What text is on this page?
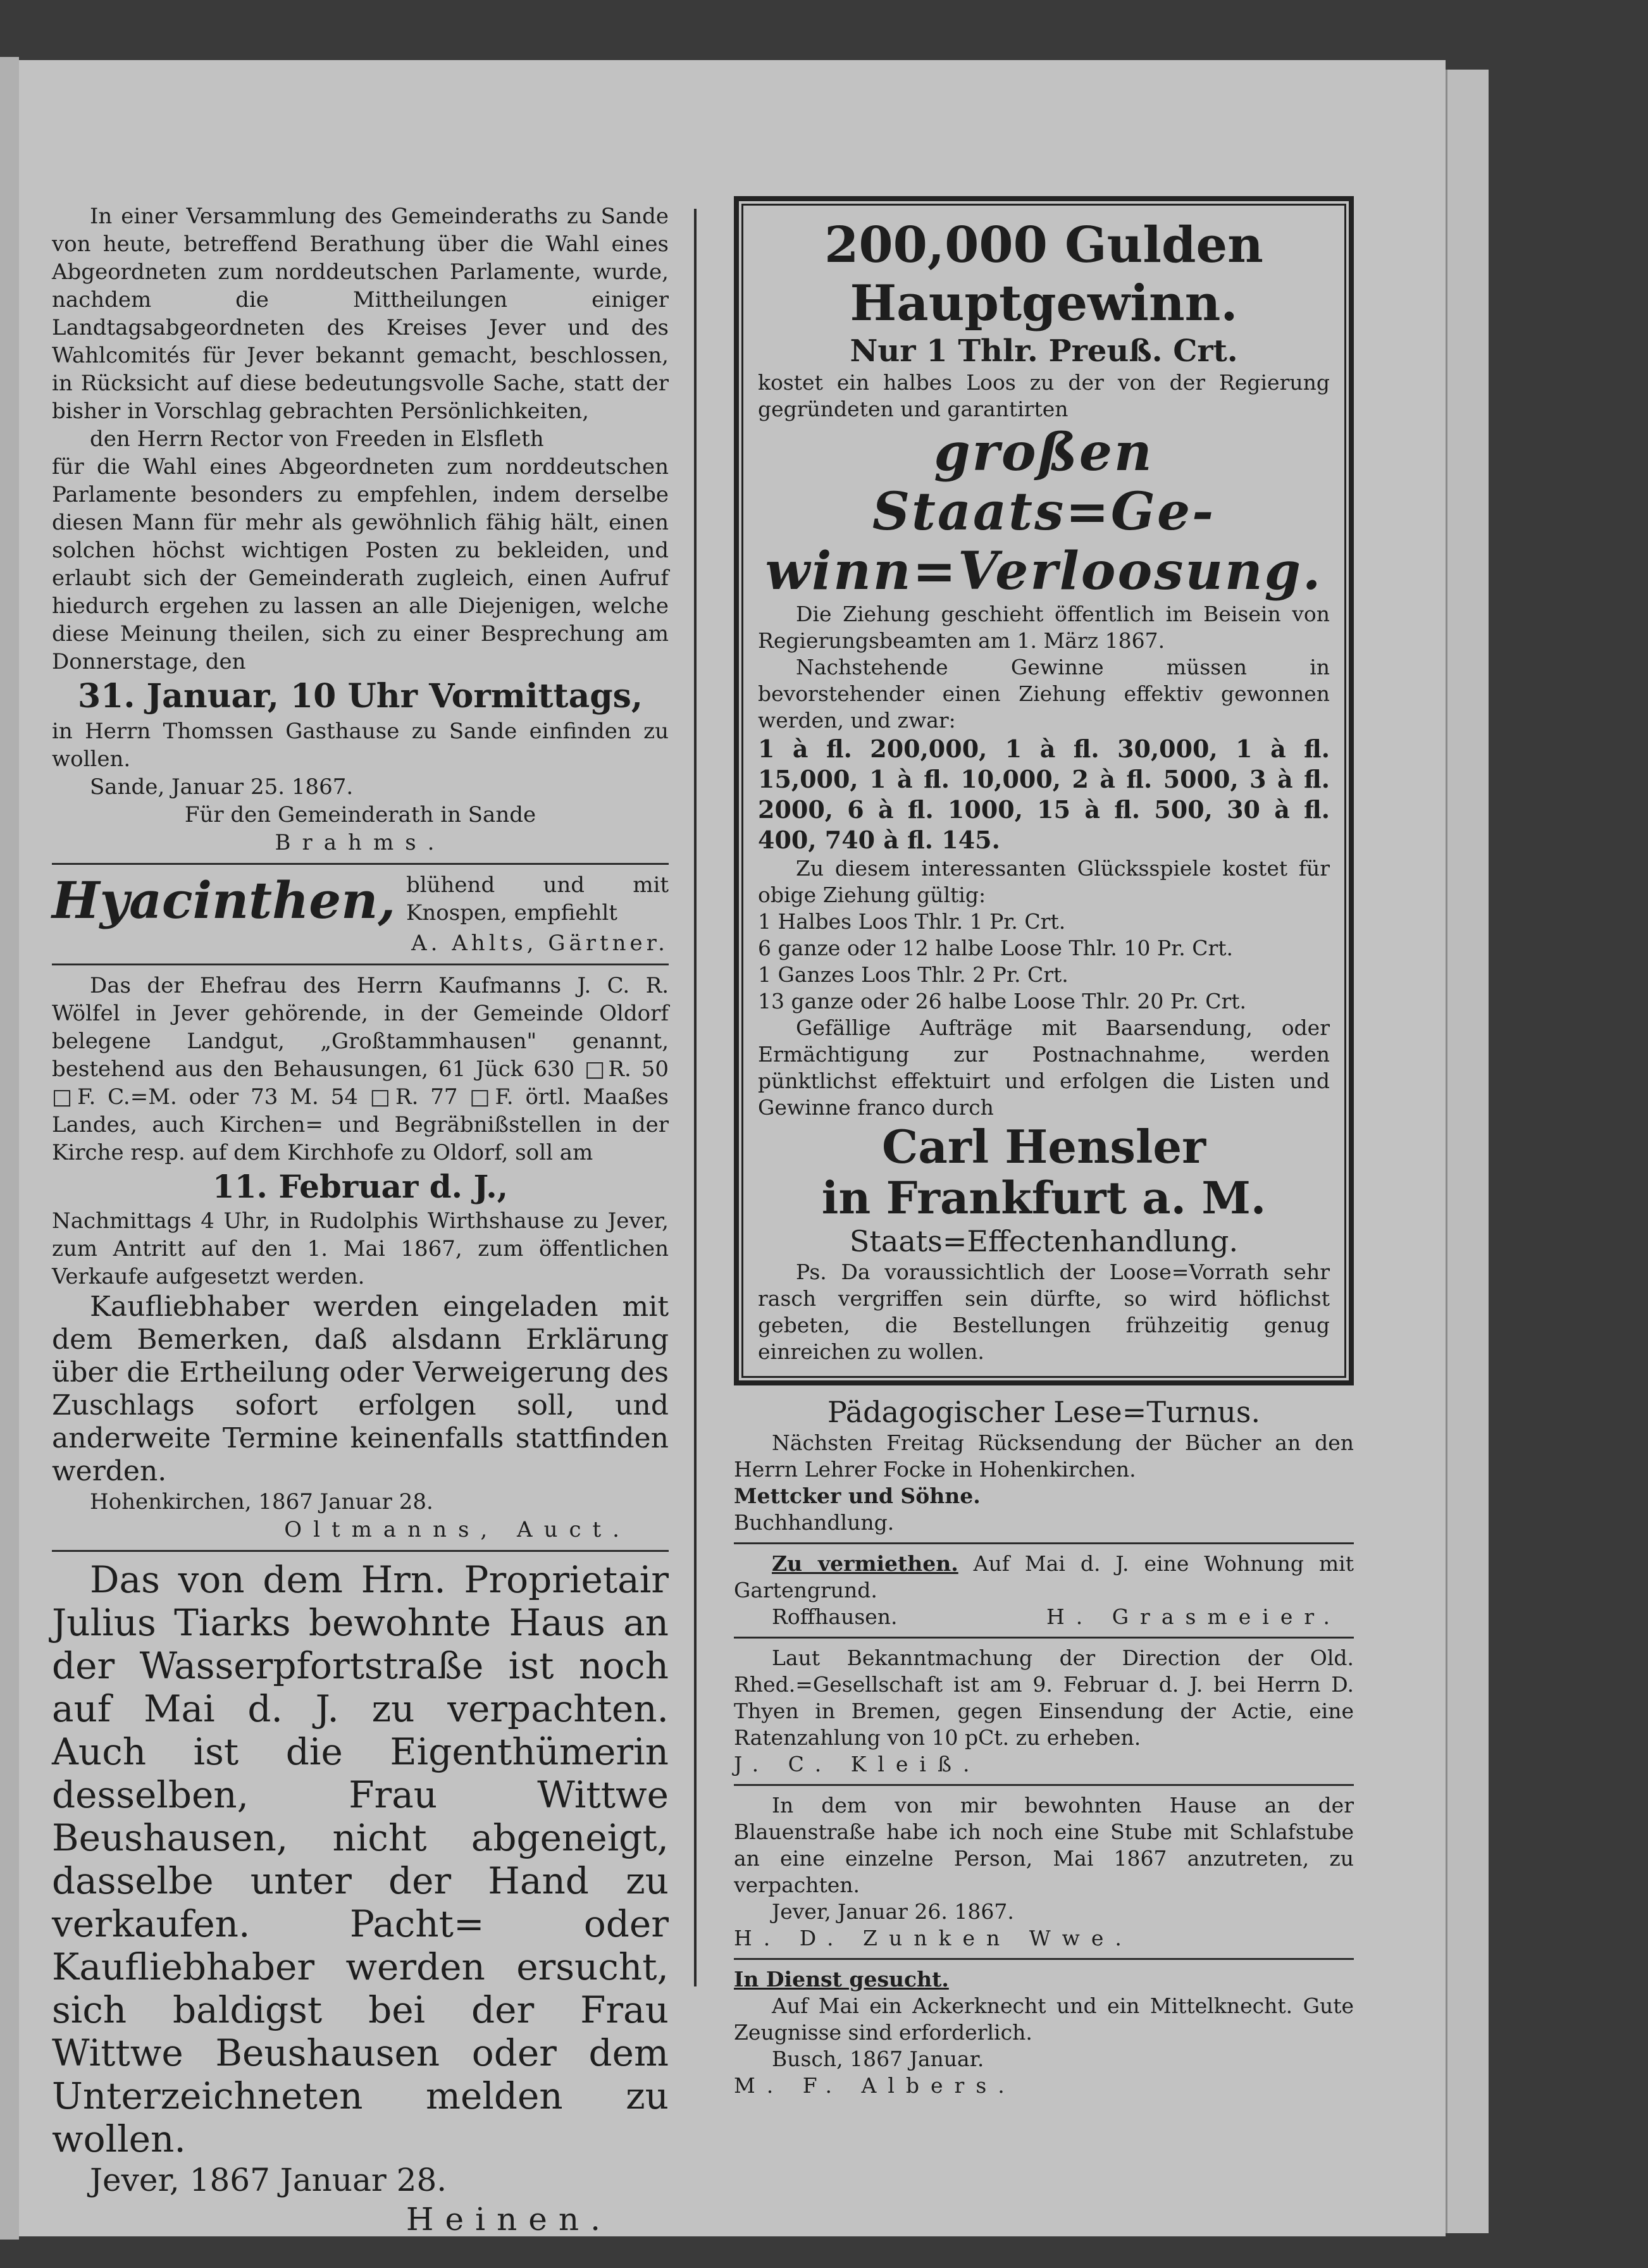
In einer Versammlung des Gemeinderaths zu Sande von heute, betreffend Berathung über die Wahl eines Abgeordneten zum norddeutschen Parlamente, wurde, nachdem die Mittheilungen einiger Landtagsabgeordneten des Kreises Jever und des Wahlcomités für Jever bekannt gemacht, beschlossen, in Rücksicht auf diese bedeutungsvolle Sache, statt der bisher in Vorschlag gebrachten Persönlichkeiten,

den Herrn Rector von Freeden in Elsfleth

für die Wahl eines Abgeordneten zum norddeutschen Parlamente besonders zu empfehlen, indem derselbe diesen Mann für mehr als gewöhnlich fähig hält, einen solchen höchst wichtigen Posten zu bekleiden, und erlaubt sich der Gemeinderath zugleich, einen Aufruf hiedurch ergehen zu lassen an alle Diejenigen, welche diese Meinung theilen, sich zu einer Besprechung am Donnerstage, den

31. Januar, 10 Uhr Vormittags,

in Herrn Thomssen Gasthause zu Sande einfinden zu wollen.

Sande, Januar 25. 1867.

Für den Gemeinderath in Sande

Brahms.

Hyacinthen, blühend und mit Knospen, empfiehlt

A. Ahlts, Gärtner.

Das der Ehefrau des Herrn Kaufmanns J. C. R. Wölfel in Jever gehörende, in der Gemeinde Oldorf belegene Landgut, „Großtammhausen" genannt, bestehend aus den Behausungen, 61 Jück 630 □R. 50 □F. C.=M. oder 73 M. 54 □R. 77 □F. örtl. Maaßes Landes, auch Kirchen= und Begräbnißstellen in der Kirche resp. auf dem Kirchhofe zu Oldorf, soll am

11. Februar d. J.,

Nachmittags 4 Uhr, in Rudolphis Wirthshause zu Jever, zum Antritt auf den 1. Mai 1867, zum öffentlichen Verkaufe aufgesetzt werden.

Kaufliebhaber werden eingeladen mit dem Bemerken, daß alsdann Erklärung über die Ertheilung oder Verweigerung des Zuschlags sofort erfolgen soll, und anderweite Termine keinenfalls stattfinden werden.

Hohenkirchen, 1867 Januar 28.

Oltmanns, Auct.

Das von dem Hrn. Proprietair Julius Tiarks bewohnte Haus an der Wasserpfortstraße ist noch auf Mai d. J. zu verpachten. Auch ist die Eigenthümerin desselben, Frau Wittwe Beushausen, nicht abgeneigt, dasselbe unter der Hand zu verkaufen. Pacht= oder Kaufliebhaber werden ersucht, sich baldigst bei der Frau Wittwe Beushausen oder dem Unterzeichneten melden zu wollen.

Jever, 1867 Januar 28.

Heinen.

200,000 Gulden

Hauptgewinn.

Nur 1 Thlr. Preuß. Crt.

kostet ein halbes Loos zu der von der Regierung gegründeten und garantirten

großen Staats=Ge-

winn=Verloosung.

Die Ziehung geschieht öffentlich im Beisein von Regierungsbeamten am 1. März 1867.

Nachstehende Gewinne müssen in bevorstehender einen Ziehung effektiv gewonnen werden, und zwar:

1 à fl. 200,000, 1 à fl. 30,000, 1 à fl. 15,000, 1 à fl. 10,000, 2 à fl. 5000, 3 à fl. 2000, 6 à fl. 1000, 15 à fl. 500, 30 à fl. 400, 740 à fl. 145.

Zu diesem interessanten Glücksspiele kostet für obige Ziehung gültig:

1 Halbes Loos Thlr. 1 Pr. Crt.

6 ganze oder 12 halbe Loose Thlr. 10 Pr. Crt.

1 Ganzes Loos Thlr. 2 Pr. Crt.

13 ganze oder 26 halbe Loose Thlr. 20 Pr. Crt.

Gefällige Aufträge mit Baarsendung, oder Ermächtigung zur Postnachnahme, werden pünktlichst effektuirt und erfolgen die Listen und Gewinne franco durch

Carl Hensler

in Frankfurt a. M.

Staats=Effectenhandlung.

Ps. Da voraussichtlich der Loose=Vorrath sehr rasch vergriffen sein dürfte, so wird höflichst gebeten, die Bestellungen frühzeitig genug einreichen zu wollen.

Pädagogischer Lese=Turnus.

Nächsten Freitag Rücksendung der Bücher an den Herrn Lehrer Focke in Hohenkirchen.

Mettcker und Söhne.

Buchhandlung.

Zu vermiethen. Auf Mai d. J. eine Wohnung mit Gartengrund.

Roffhausen.	H. Grasmeier.

Laut Bekanntmachung der Direction der Old. Rhed.=Gesellschaft ist am 9. Februar d. J. bei Herrn D. Thyen in Bremen, gegen Einsendung der Actie, eine Ratenzahlung von 10 pCt. zu erheben.

J. C. Kleiß.

In dem von mir bewohnten Hause an der Blauenstraße habe ich noch eine Stube mit Schlafstube an eine einzelne Person, Mai 1867 anzutreten, zu verpachten.

Jever, Januar 26. 1867.

H. D. Zunken Wwe.

In Dienst gesucht.

Auf Mai ein Ackerknecht und ein Mittelknecht. Gute Zeugnisse sind erforderlich.

Busch, 1867 Januar.

M. F. Albers.
